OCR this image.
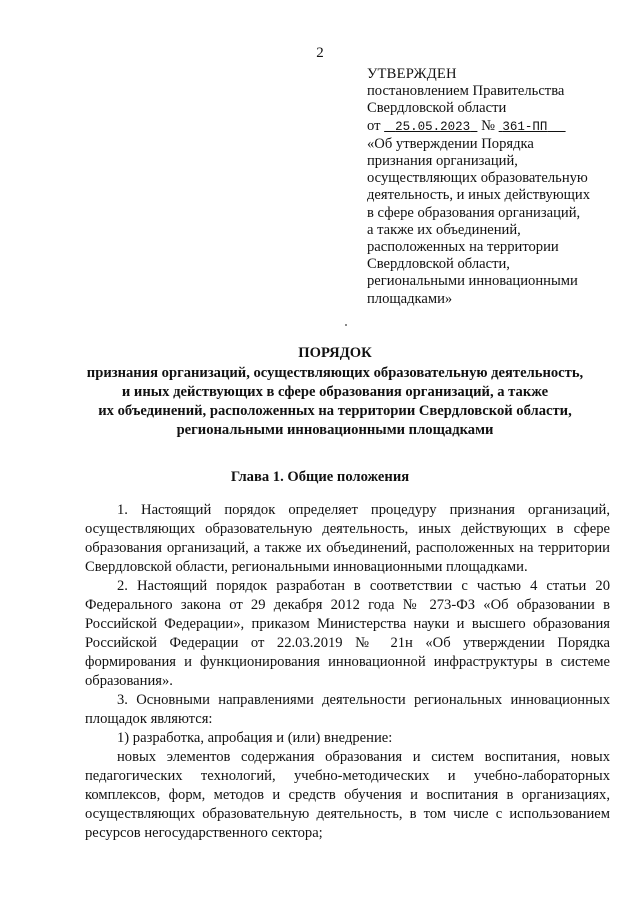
2
УТВЕРЖДЕН
постановлением Правительства
Свердловской области
от 25.05.2023 № 361-ПП
«Об утверждении Порядка
признания организаций,
осуществляющих образовательную
деятельность, и иных действующих
в сфере образования организаций,
а также их объединений,
расположенных на территории
Свердловской области,
региональными инновационными
площадками»
ПОРЯДОК
признания организаций, осуществляющих образовательную деятельность,
и иных действующих в сфере образования организаций, а также
их объединений, расположенных на территории Свердловской области,
региональными инновационными площадками
Глава 1. Общие положения

1. Настоящий порядок определяет процедуру признания организаций, осуществляющих образовательную деятельность, иных действующих в сфере образования организаций, а также их объединений, расположенных на территории Свердловской области, региональными инновационными площадками.

2. Настоящий порядок разработан в соответствии с частью 4 статьи 20 Федерального закона от 29 декабря 2012 года № 273-ФЗ «Об образовании в Российской Федерации», приказом Министерства науки и высшего образования Российской Федерации от 22.03.2019 № 21н «Об утверждении Порядка формирования и функционирования инновационной инфраструктуры в системе образования».

3. Основными направлениями деятельности региональных инновационных площадок являются:

1) разработка, апробация и (или) внедрение:

новых элементов содержания образования и систем воспитания, новых педагогических технологий, учебно-методических и учебно-лабораторных комплексов, форм, методов и средств обучения и воспитания в организациях, осуществляющих образовательную деятельность, в том числе с использованием ресурсов негосударственного сектора;
